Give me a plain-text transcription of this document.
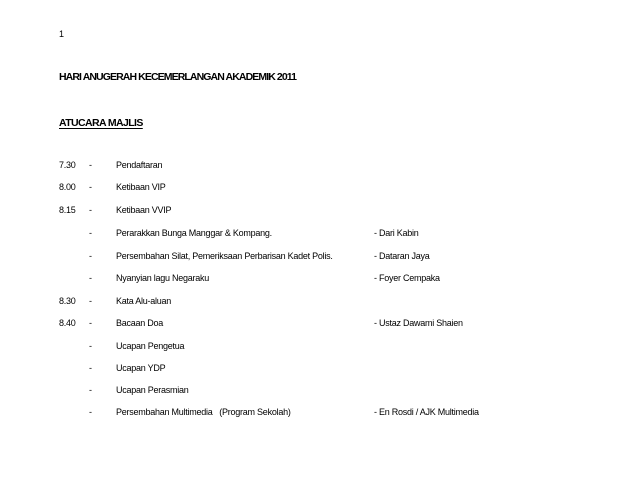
1
HARI ANUGERAH KECEMERLANGAN AKADEMIK 2011
ATUCARA MAJLIS
7.30 -	Pendaftaran
8.00 -	Ketibaan VIP
8.15 -	Ketibaan VVIP
-	Perarakkan Bunga Manggar & Kompang.	- Dari Kabin
-	Persembahan Silat, Pemeriksaan Perbarisan Kadet Polis.	- Dataran Jaya
-	Nyanyian lagu Negaraku	- Foyer Cempaka
8.30 -	Kata Alu-aluan
8.40 -	Bacaan Doa	- Ustaz Dawami Shaien
-	Ucapan Pengetua
-	Ucapan YDP
-	Ucapan Perasmian
-	Persembahan Multimedia   (Program Sekolah)	- En Rosdi / AJK Multimedia
